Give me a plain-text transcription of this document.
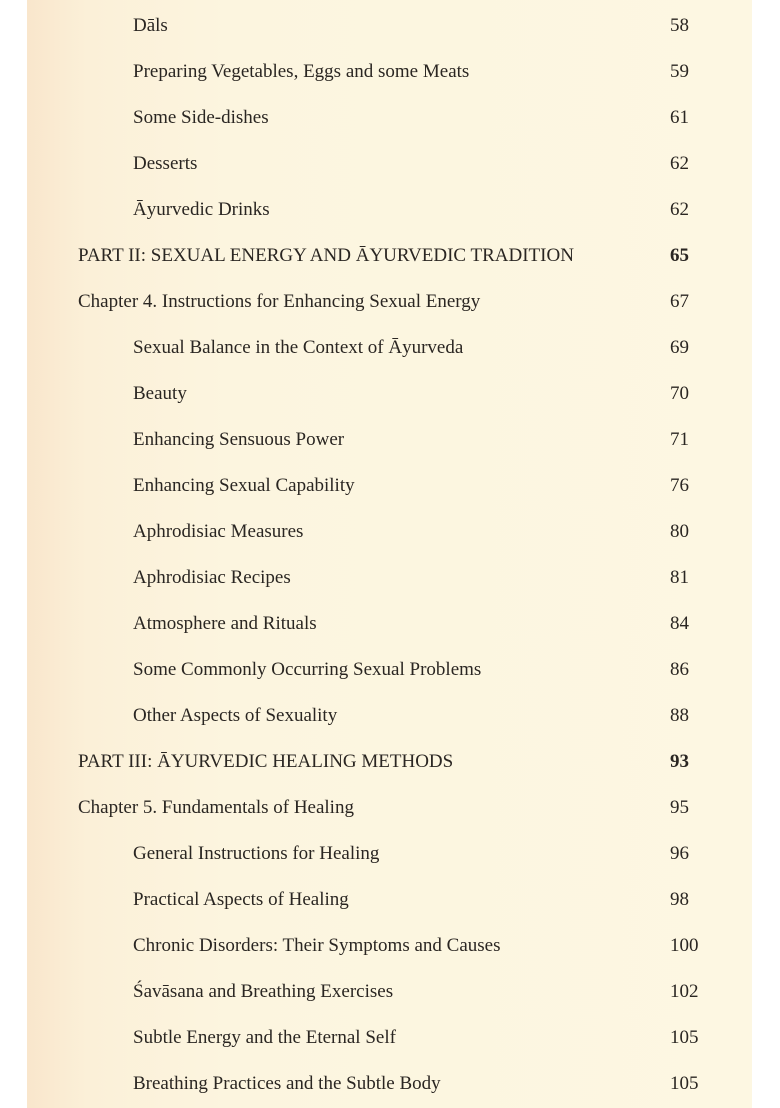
Dāls	58
Preparing Vegetables, Eggs and some Meats	59
Some Side-dishes	61
Desserts	62
Āyurvedic Drinks	62
PART II: SEXUAL ENERGY AND ĀYURVEDIC TRADITION	65
Chapter 4. Instructions for Enhancing Sexual Energy	67
Sexual Balance in the Context of Āyurveda	69
Beauty	70
Enhancing Sensuous Power	71
Enhancing Sexual Capability	76
Aphrodisiac Measures	80
Aphrodisiac Recipes	81
Atmosphere and Rituals	84
Some Commonly Occurring Sexual Problems	86
Other Aspects of Sexuality	88
PART III: ĀYURVEDIC HEALING METHODS	93
Chapter 5. Fundamentals of Healing	95
General Instructions for Healing	96
Practical Aspects of Healing	98
Chronic Disorders: Their Symptoms and Causes	100
Śavāsana and Breathing Exercises	102
Subtle Energy and the Eternal Self	105
Breathing Practices and the Subtle Body	105
